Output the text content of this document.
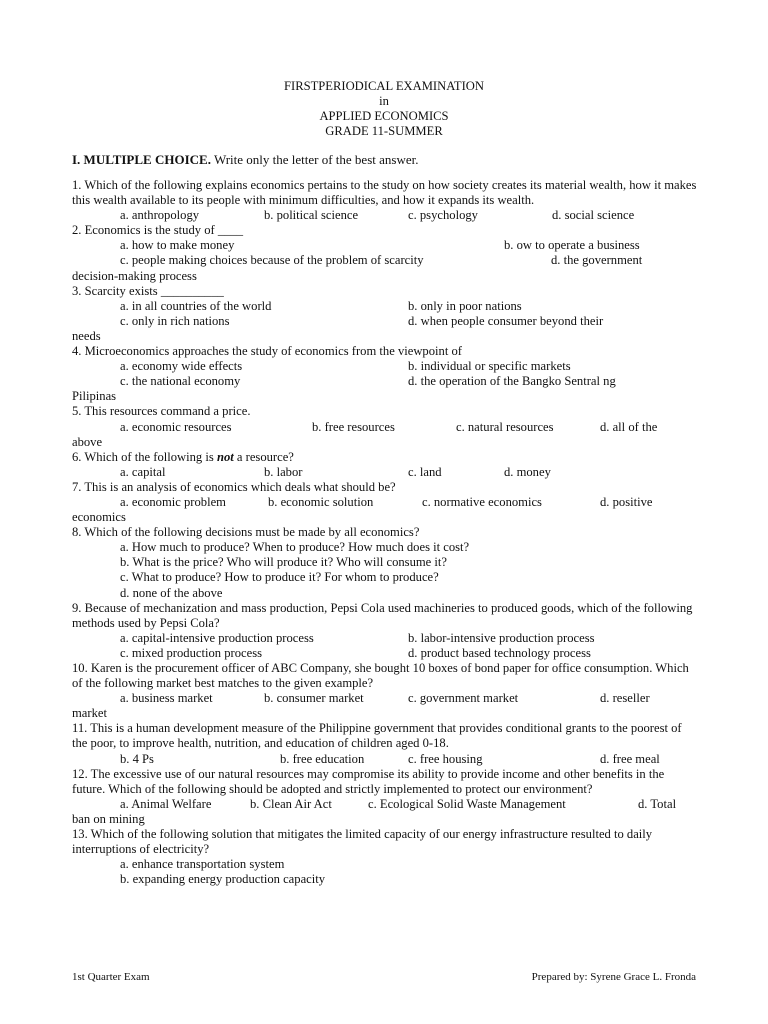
FIRSTPERIODICAL EXAMINATION
in
APPLIED ECONOMICS
GRADE 11-SUMMER
I. MULTIPLE CHOICE. Write only the letter of the best answer.
1. Which of the following explains economics pertains to the study on how society creates its material wealth, how it makes this wealth available to its people with minimum difficulties, and how it expands its wealth.
a. anthropology	b. political science	c. psychology	d. social science
2. Economics is the study of ____
a. how to make money	b. ow to operate a business
c. people making choices because of the problem of scarcity	d. the government
decision-making process
3. Scarcity exists __________
a. in all countries of the world	b. only in poor nations
c. only in rich nations	d. when people consumer beyond their
needs
4. Microeconomics approaches the study of economics from the viewpoint of
a. economy wide effects	b. individual or specific markets
c. the national economy	d. the operation of the Bangko Sentral ng
Pilipinas
5. This resources command a price.
a. economic resources	b. free resources	c. natural resources	d. all of the
above
6. Which of the following is not a resource?
a. capital	b. labor	c. land	d. money
7. This is an analysis of economics which deals what should be?
a. economic problem	b. economic solution	c. normative economics	d. positive
economics
8. Which of the following decisions must be made by all economics?
a. How much to produce? When to produce? How much does it cost?
b. What is the price? Who will produce it? Who will consume it?
c. What to produce? How to produce it? For whom to produce?
d. none of the above
9. Because of mechanization and mass production, Pepsi Cola used machineries to produced goods, which of the following methods used by Pepsi Cola?
a. capital-intensive production process	b. labor-intensive production process
c. mixed production process	d. product based technology process
10. Karen is the procurement officer of ABC Company, she bought 10 boxes of bond paper for office consumption. Which of the following market best matches to the given example?
a. business market	b. consumer market	c. government market	d. reseller
market
11. This is a human development measure of the Philippine government that provides conditional grants to the poorest of the poor, to improve health, nutrition, and education of children aged 0-18.
b. 4 Ps	b. free education	c. free housing	d. free meal
12. The excessive use of our natural resources may compromise its ability to provide income and other benefits in the future. Which of the following should be adopted and strictly implemented to protect our environment?
a. Animal Welfare	b. Clean Air Act	c. Ecological Solid Waste Management	d. Total
ban on mining
13. Which of the following solution that mitigates the limited capacity of our energy infrastructure resulted to daily interruptions of electricity?
a. enhance transportation system
b. expanding energy production capacity
1st Quarter Exam	Prepared by: Syrene Grace L. Fronda
